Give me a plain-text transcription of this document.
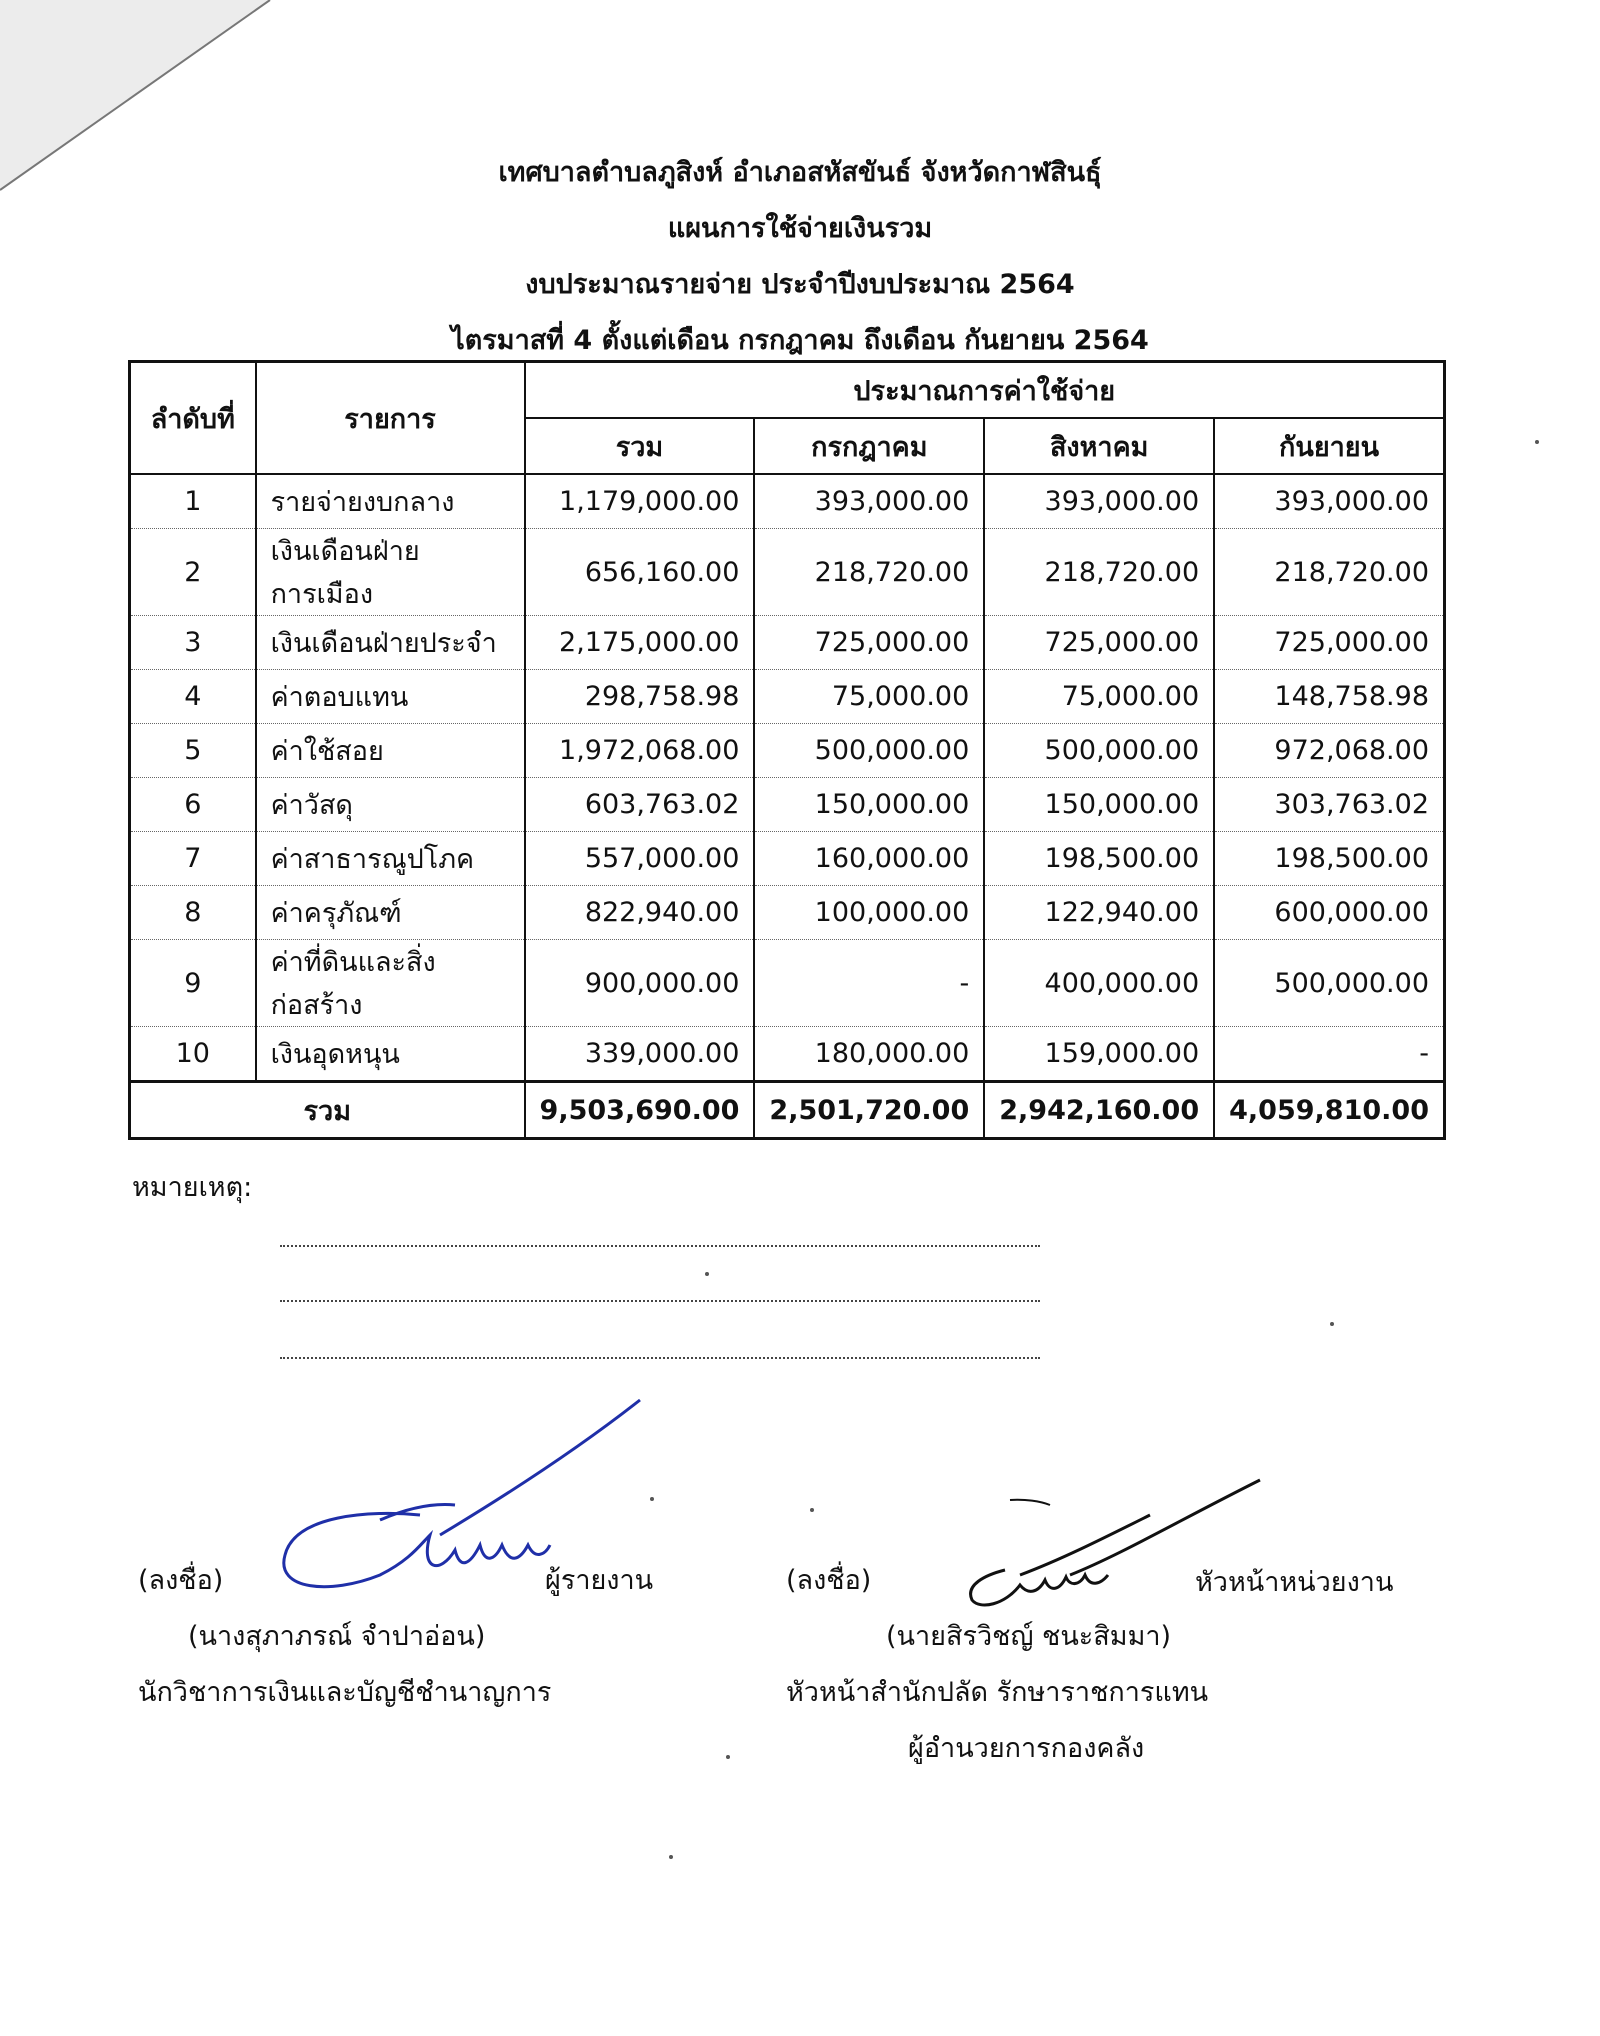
เทศบาลตำบลภูสิงห์ อำเภอสหัสขันธ์ จังหวัดกาฬสินธุ์
แผนการใช้จ่ายเงินรวม
งบประมาณรายจ่าย ประจำปีงบประมาณ 2564
ไตรมาสที่ 4 ตั้งแต่เดือน กรกฎาคม ถึงเดือน กันยายน 2564
ลำดับที่	รายการ	ประมาณการค่าใช้จ่าย			
		รวม	กรกฎาคม	สิงหาคม	กันยายน
1	รายจ่ายงบกลาง	1,179,000.00	393,000.00	393,000.00	393,000.00
2	เงินเดือนฝ่ายการเมือง	656,160.00	218,720.00	218,720.00	218,720.00
3	เงินเดือนฝ่ายประจำ	2,175,000.00	725,000.00	725,000.00	725,000.00
4	ค่าตอบแทน	298,758.98	75,000.00	75,000.00	148,758.98
5	ค่าใช้สอย	1,972,068.00	500,000.00	500,000.00	972,068.00
6	ค่าวัสดุ	603,763.02	150,000.00	150,000.00	303,763.02
7	ค่าสาธารณูปโภค	557,000.00	160,000.00	198,500.00	198,500.00
8	ค่าครุภัณฑ์	822,940.00	100,000.00	122,940.00	600,000.00
9	ค่าที่ดินและสิ่งก่อสร้าง	900,000.00	-	400,000.00	500,000.00
10	เงินอุดหนุน	339,000.00	180,000.00	159,000.00	-
รวม		9,503,690.00	2,501,720.00	2,942,160.00	4,059,810.00
หมายเหตุ:
(ลงชื่อ)	ผู้รายงาน
(นางสุภาภรณ์ จำปาอ่อน)
นักวิชาการเงินและบัญชีชำนาญการ
(ลงชื่อ)	หัวหน้าหน่วยงาน
(นายสิรวิชญ์ ชนะสิมมา)
หัวหน้าสำนักปลัด รักษาราชการแทน
ผู้อำนวยการกองคลัง
